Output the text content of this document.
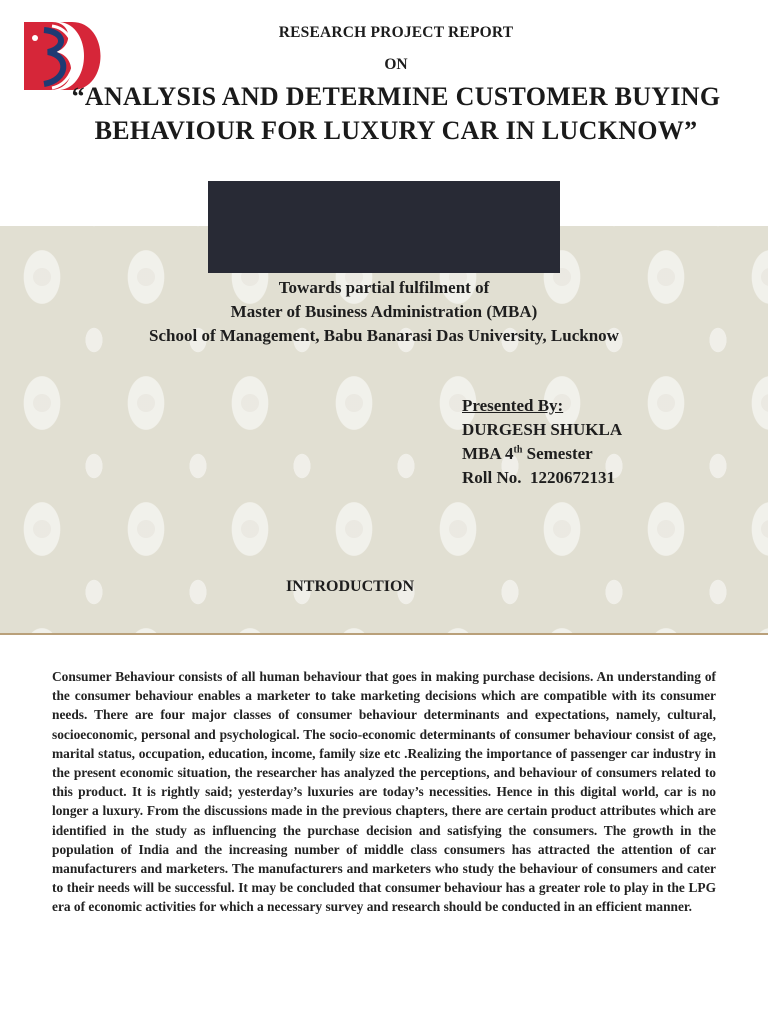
RESEARCH PROJECT REPORT
ON
“ANALYSIS AND DETERMINE CUSTOMER BUYING BEHAVIOUR FOR LUXURY CAR IN LUCKNOW”
Towards partial fulfilment of
Master of Business Administration (MBA)
School of Management, Babu Banarasi Das University, Lucknow
Presented By:
DURGESH SHUKLA
MBA 4th Semester
Roll No.  1220672131
INTRODUCTION
Consumer Behaviour consists of all human behaviour that goes in making purchase decisions. An understanding of the consumer behaviour enables a marketer to take marketing decisions which are compatible with its consumer needs. There are four major classes of consumer behaviour determinants and expectations, namely, cultural, socioeconomic, personal and psychological. The socio-economic determinants of consumer behaviour consist of age, marital status, occupation, education, income, family size etc .Realizing the importance of passenger car industry in the present economic situation, the researcher has analyzed the perceptions, and behaviour of consumers related to this product. It is rightly said; yesterday’s luxuries are today’s necessities. Hence in this digital world, car is no longer a luxury. From the discussions made in the previous chapters, there are certain product attributes which are identified in the study as influencing the purchase decision and satisfying the consumers. The growth in the population of India and the increasing number of middle class consumers has attracted the attention of car manufacturers and marketers. The manufacturers and marketers who study the behaviour of consumers and cater to their needs will be successful. It may be concluded that consumer behaviour has a greater role to play in the LPG era of economic activities for which a necessary survey and research should be conducted in an efficient manner.
